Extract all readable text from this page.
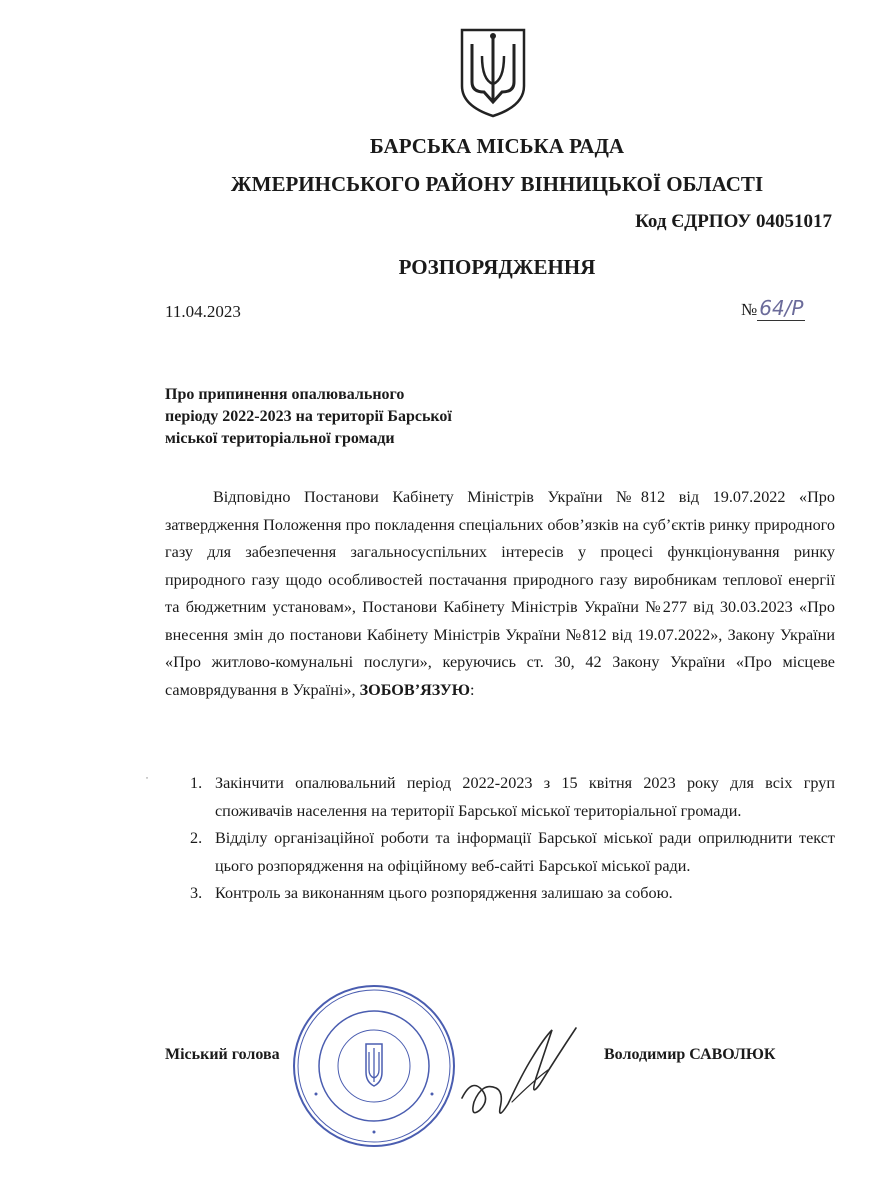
БАРСЬКА МІСЬКА РАДА
ЖМЕРИНСЬКОГО РАЙОНУ ВІННИЦЬКОЇ ОБЛАСТІ
Код ЄДРПОУ 04051017
РОЗПОРЯДЖЕННЯ
11.04.2023	№ 64/Р
Про припинення опалювального
періоду 2022-2023 на території Барської
міської територіальної громади
Відповідно Постанови Кабінету Міністрів України №812 від 19.07.2022 «Про затвердження Положення про покладення спеціальних обов’язків на суб’єктів ринку природного газу для забезпечення загальносуспільних інтересів у процесі функціонування ринку природного газу щодо особливостей постачання природного газу виробникам теплової енергії та бюджетним установам», Постанови Кабінету Міністрів України №277 від 30.03.2023 «Про внесення змін до постанови Кабінету Міністрів України №812 від 19.07.2022», Закону України «Про житлово-комунальні послуги», керуючись ст. 30, 42 Закону України «Про місцеве самоврядування в Україні», ЗОБОВ’ЯЗУЮ:
˙	1. Закінчити опалювальний період 2022-2023 з 15 квітня 2023 року для всіх груп споживачів населення на території Барської міської територіальної громади.
2. Відділу організаційної роботи та інформації Барської міської ради оприлюднити текст цього розпорядження на офіційному веб-сайті Барської міської ради.
3. Контроль за виконанням цього розпорядження залишаю за собою.
Міський голова	Володимир САВОЛЮК
